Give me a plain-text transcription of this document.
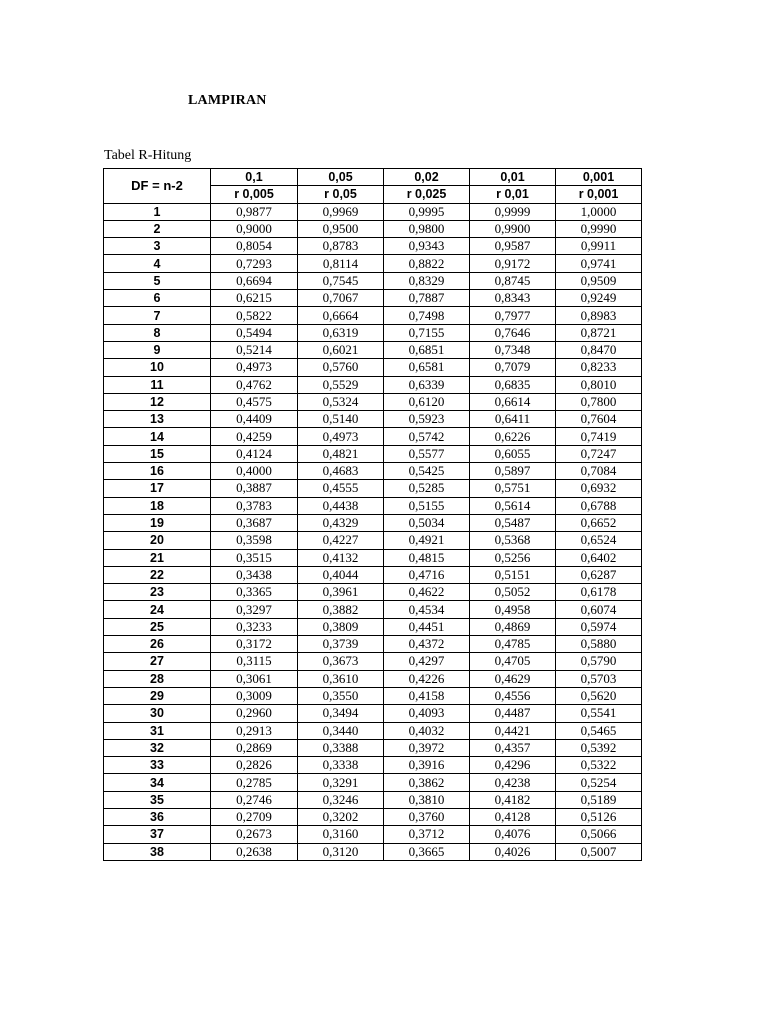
LAMPIRAN
Tabel R-Hitung
DF = n-2	0,1	0,05	0,02	0,01	0,001
	r 0,005	r 0,05	r 0,025	r 0,01	r 0,001
1	0,9877	0,9969	0,9995	0,9999	1,0000
2	0,9000	0,9500	0,9800	0,9900	0,9990
3	0,8054	0,8783	0,9343	0,9587	0,9911
4	0,7293	0,8114	0,8822	0,9172	0,9741
5	0,6694	0,7545	0,8329	0,8745	0,9509
6	0,6215	0,7067	0,7887	0,8343	0,9249
7	0,5822	0,6664	0,7498	0,7977	0,8983
8	0,5494	0,6319	0,7155	0,7646	0,8721
9	0,5214	0,6021	0,6851	0,7348	0,8470
10	0,4973	0,5760	0,6581	0,7079	0,8233
11	0,4762	0,5529	0,6339	0,6835	0,8010
12	0,4575	0,5324	0,6120	0,6614	0,7800
13	0,4409	0,5140	0,5923	0,6411	0,7604
14	0,4259	0,4973	0,5742	0,6226	0,7419
15	0,4124	0,4821	0,5577	0,6055	0,7247
16	0,4000	0,4683	0,5425	0,5897	0,7084
17	0,3887	0,4555	0,5285	0,5751	0,6932
18	0,3783	0,4438	0,5155	0,5614	0,6788
19	0,3687	0,4329	0,5034	0,5487	0,6652
20	0,3598	0,4227	0,4921	0,5368	0,6524
21	0,3515	0,4132	0,4815	0,5256	0,6402
22	0,3438	0,4044	0,4716	0,5151	0,6287
23	0,3365	0,3961	0,4622	0,5052	0,6178
24	0,3297	0,3882	0,4534	0,4958	0,6074
25	0,3233	0,3809	0,4451	0,4869	0,5974
26	0,3172	0,3739	0,4372	0,4785	0,5880
27	0,3115	0,3673	0,4297	0,4705	0,5790
28	0,3061	0,3610	0,4226	0,4629	0,5703
29	0,3009	0,3550	0,4158	0,4556	0,5620
30	0,2960	0,3494	0,4093	0,4487	0,5541
31	0,2913	0,3440	0,4032	0,4421	0,5465
32	0,2869	0,3388	0,3972	0,4357	0,5392
33	0,2826	0,3338	0,3916	0,4296	0,5322
34	0,2785	0,3291	0,3862	0,4238	0,5254
35	0,2746	0,3246	0,3810	0,4182	0,5189
36	0,2709	0,3202	0,3760	0,4128	0,5126
37	0,2673	0,3160	0,3712	0,4076	0,5066
38	0,2638	0,3120	0,3665	0,4026	0,5007
